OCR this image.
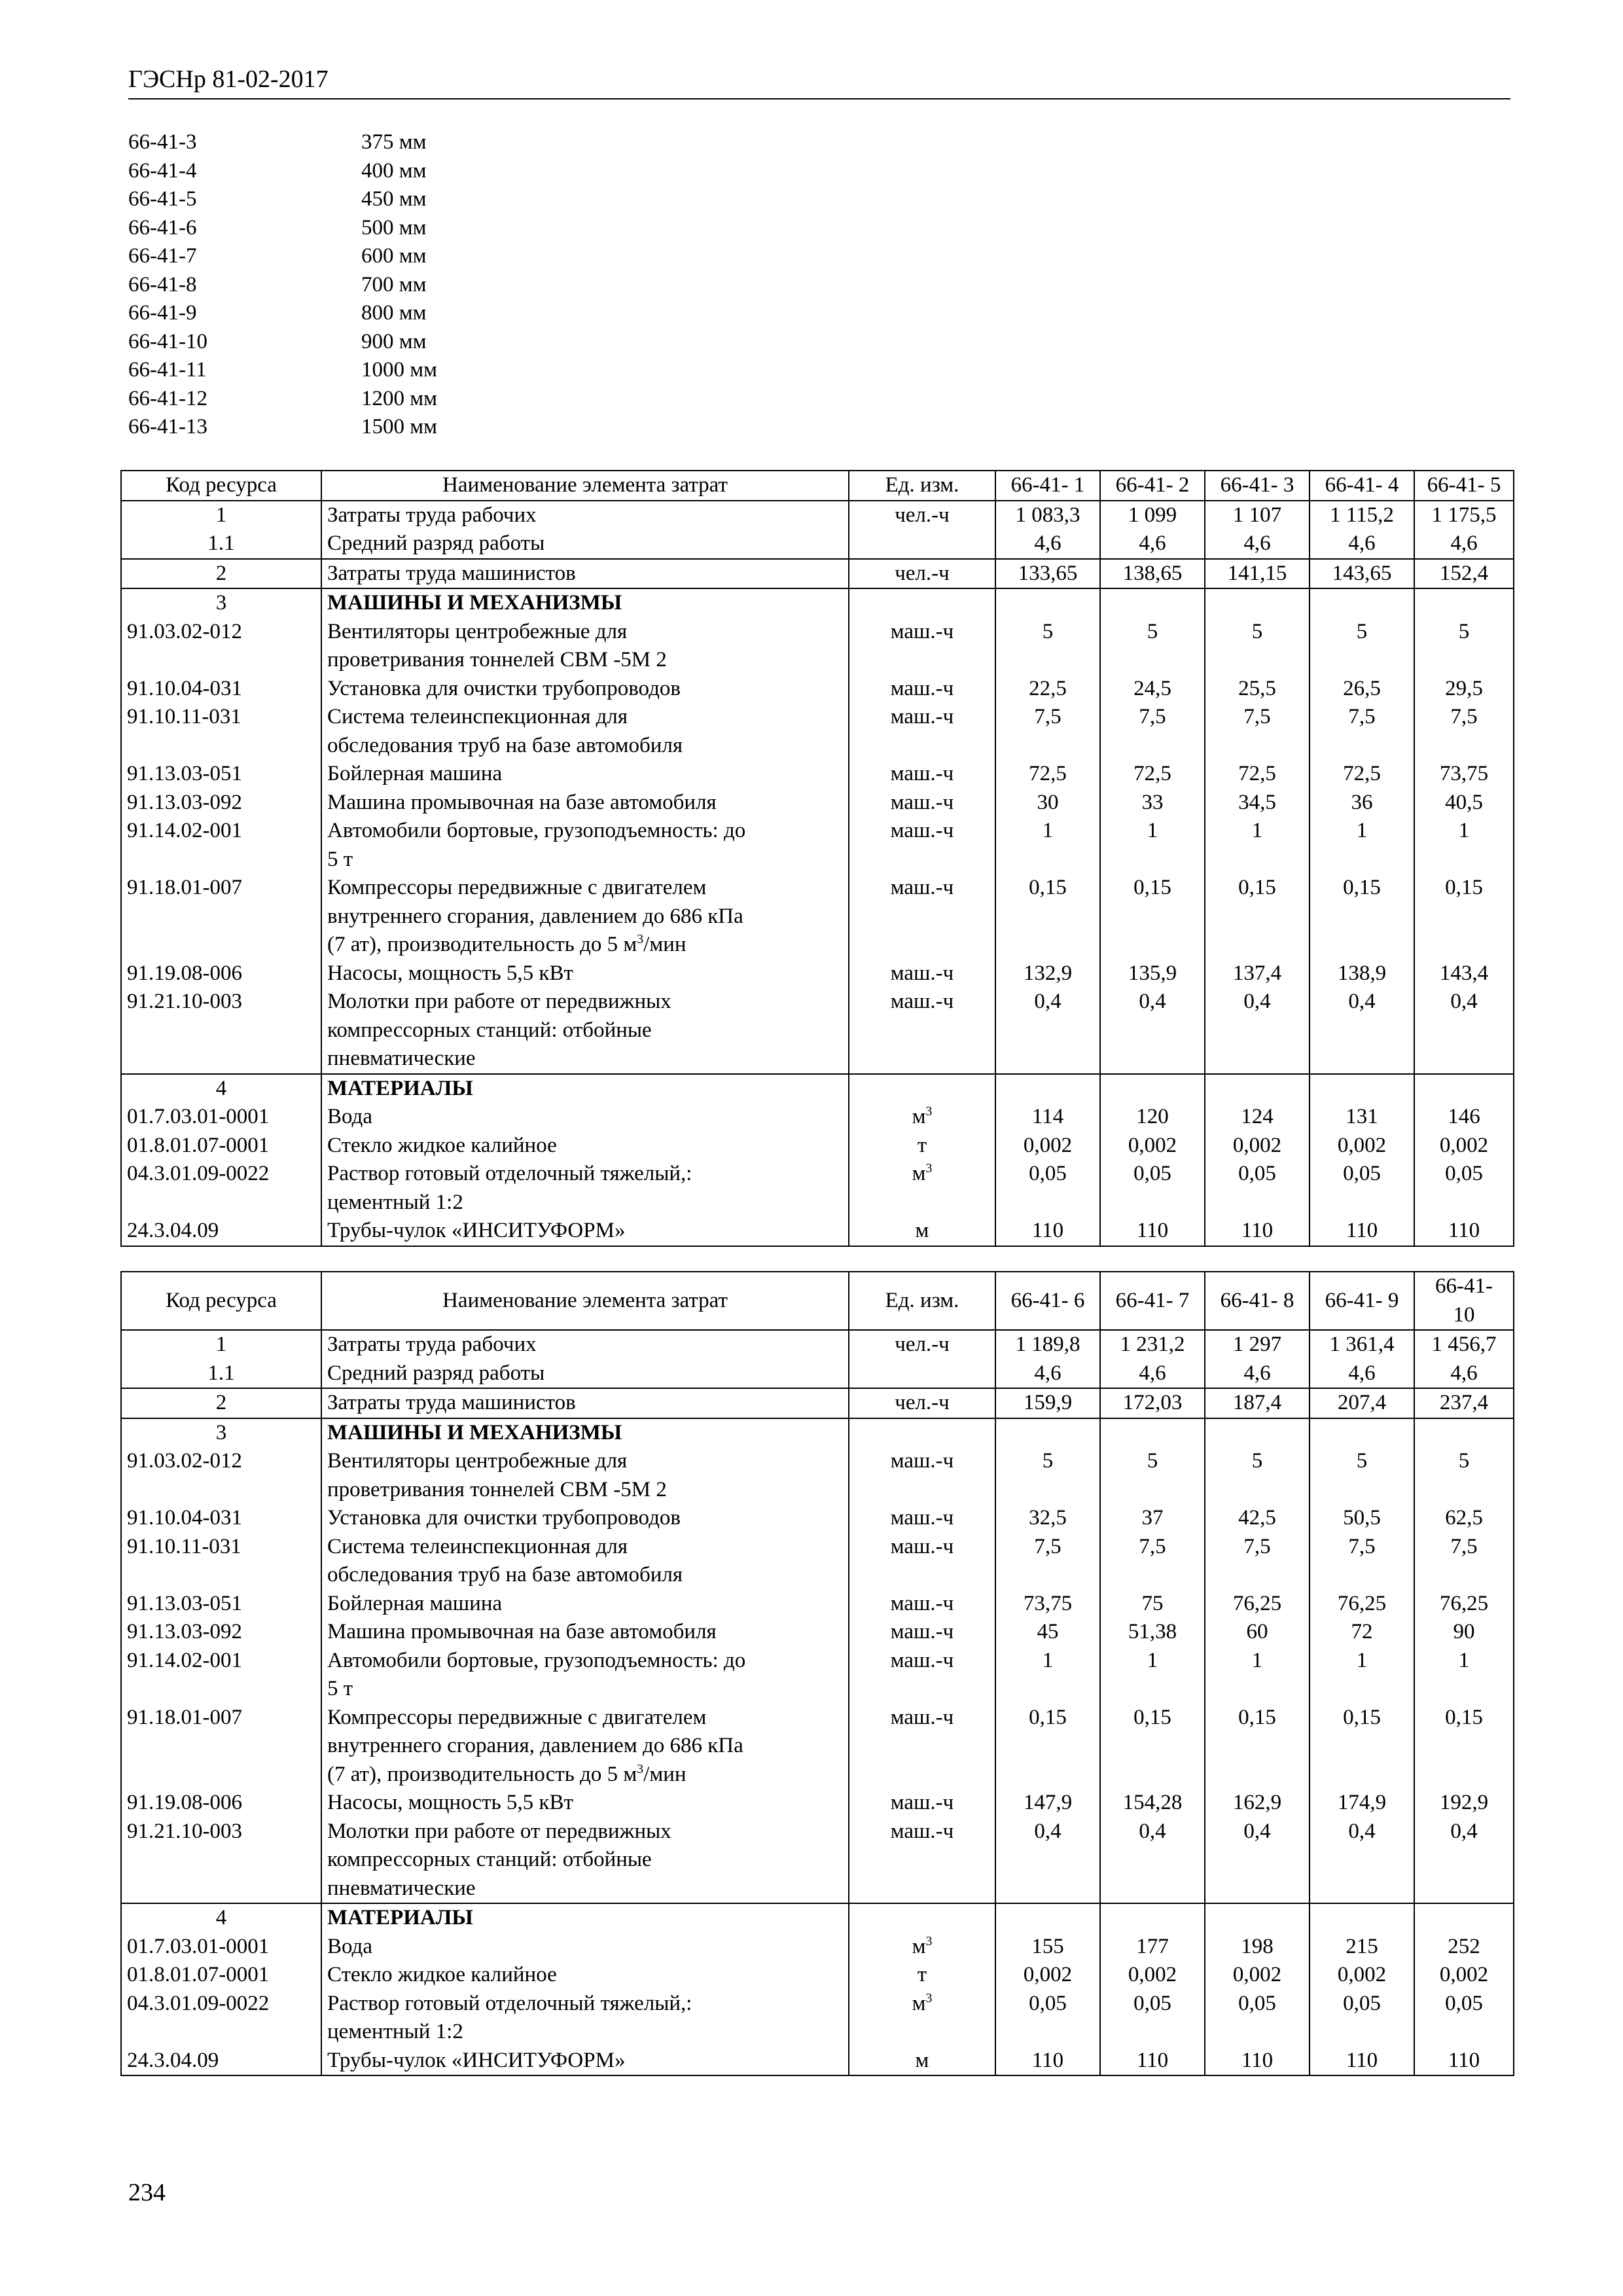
ГЭСНр 81-02-2017
66-41-3	375 мм
66-41-4	400 мм
66-41-5	450 мм
66-41-6	500 мм
66-41-7	600 мм
66-41-8	700 мм
66-41-9	800 мм
66-41-10	900 мм
66-41-11	1000 мм
66-41-12	1200 мм
66-41-13	1500 мм
Код ресурса	Наименование элемента затрат	Ед. изм.	66-41- 1	66-41- 2	66-41- 3	66-41- 4	66-41- 5
1	Затраты труда рабочих	чел.-ч	1 083,3	1 099	1 107	1 115,2	1 175,5
1.1	Средний разряд работы		4,6	4,6	4,6	4,6	4,6
2	Затраты труда машинистов	чел.-ч	133,65	138,65	141,15	143,65	152,4
3	МАШИНЫ И МЕХАНИЗМЫ						
91.03.02-012	Вентиляторы центробежные для
проветривания тоннелей СВМ -5М 2	маш.-ч	5	5	5	5	5
91.10.04-031	Установка для очистки трубопроводов	маш.-ч	22,5	24,5	25,5	26,5	29,5
91.10.11-031	Система телеинспекционная для
обследования труб на базе автомобиля	маш.-ч	7,5	7,5	7,5	7,5	7,5
91.13.03-051	Бойлерная машина	маш.-ч	72,5	72,5	72,5	72,5	73,75
91.13.03-092	Машина промывочная на базе автомобиля	маш.-ч	30	33	34,5	36	40,5
91.14.02-001	Автомобили бортовые, грузоподъемность: до
5 т	маш.-ч	1	1	1	1	1
91.18.01-007	Компрессоры передвижные с двигателем
внутреннего сгорания, давлением до 686 кПа
(7 ат), производительность до 5 $м^3$/мин	маш.-ч	0,15	0,15	0,15	0,15	0,15
91.19.08-006	Насосы, мощность 5,5 кВт	маш.-ч	132,9	135,9	137,4	138,9	143,4
91.21.10-003	Молотки при работе от передвижных
компрессорных станций: отбойные
пневматические	маш.-ч	0,4	0,4	0,4	0,4	0,4
4	МАТЕРИАЛЫ						
01.7.03.01-0001	Вода	$м^3$	114	120	124	131	146
01.8.01.07-0001	Стекло жидкое калийное	т	0,002	0,002	0,002	0,002	0,002
04.3.01.09-0022	Раствор готовый отделочный тяжелый,:
цементный 1:2	$м^3$	0,05	0,05	0,05	0,05	0,05
24.3.04.09	Трубы-чулок «ИНСИТУФОРМ»	м	110	110	110	110	110
Код ресурса	Наименование элемента затрат	Ед. изм.	66-41- 6	66-41- 7	66-41- 8	66-41- 9	66-41-
10
1	Затраты труда рабочих	чел.-ч	1 189,8	1 231,2	1 297	1 361,4	1 456,7
1.1	Средний разряд работы		4,6	4,6	4,6	4,6	4,6
2	Затраты труда машинистов	чел.-ч	159,9	172,03	187,4	207,4	237,4
3	МАШИНЫ И МЕХАНИЗМЫ						
91.03.02-012	Вентиляторы центробежные для
проветривания тоннелей СВМ -5М 2	маш.-ч	5	5	5	5	5
91.10.04-031	Установка для очистки трубопроводов	маш.-ч	32,5	37	42,5	50,5	62,5
91.10.11-031	Система телеинспекционная для
обследования труб на базе автомобиля	маш.-ч	7,5	7,5	7,5	7,5	7,5
91.13.03-051	Бойлерная машина	маш.-ч	73,75	75	76,25	76,25	76,25
91.13.03-092	Машина промывочная на базе автомобиля	маш.-ч	45	51,38	60	72	90
91.14.02-001	Автомобили бортовые, грузоподъемность: до
5 т	маш.-ч	1	1	1	1	1
91.18.01-007	Компрессоры передвижные с двигателем
внутреннего сгорания, давлением до 686 кПа
(7 ат), производительность до 5 $м^3$/мин	маш.-ч	0,15	0,15	0,15	0,15	0,15
91.19.08-006	Насосы, мощность 5,5 кВт	маш.-ч	147,9	154,28	162,9	174,9	192,9
91.21.10-003	Молотки при работе от передвижных
компрессорных станций: отбойные
пневматические	маш.-ч	0,4	0,4	0,4	0,4	0,4
4	МАТЕРИАЛЫ						
01.7.03.01-0001	Вода	$м^3$	155	177	198	215	252
01.8.01.07-0001	Стекло жидкое калийное	т	0,002	0,002	0,002	0,002	0,002
04.3.01.09-0022	Раствор готовый отделочный тяжелый,:
цементный 1:2	$м^3$	0,05	0,05	0,05	0,05	0,05
24.3.04.09	Трубы-чулок «ИНСИТУФОРМ»	м	110	110	110	110	110
234
